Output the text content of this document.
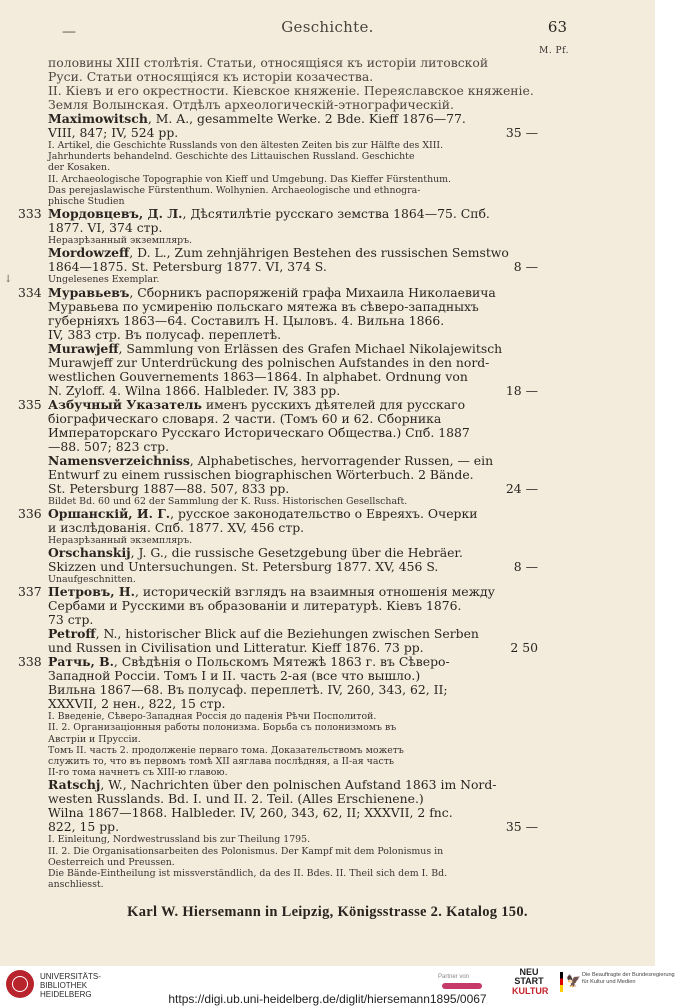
—	Geschichte.	63
M. Pf.
половины XIII столѣтія. Статьи, относящіяся къ исторіи литовской
Руси. Статьи относящіяся къ исторіи козачества.
II. Кіевъ и его окрестности. Кіевское княженіе. Переяславское княженіе.
Земля Волынская. Отдѣлъ археологическій-этнографическій.
Maximowitsch, M. A., gesammelte Werke. 2 Bde. Kieff 1876—77.
VIII, 847; IV, 524 pp.	35 —
I. Artikel, die Geschichte Russlands von den ältesten Zeiten bis zur Hälfte des XIII.
Jahrhunderts behandelnd. Geschichte des Littauischen Russland. Geschichte
der Kosaken.
II. Archaeologische Topographie von Kieff und Umgebung. Das Kieffer Fürstenthum.
Das perejaslawische Fürstenthum. Wolhynien. Archaeologische und ethnogra-
phische Studien
333 Мордовцевъ, Д. Л., Дѣсятилѣтіе русскаго земства 1864—75. Спб.
1877. VI, 374 стр.
Неразрѣзанный экземпляръ.
Mordowzeff, D. L., Zum zehnjährigen Bestehen des russischen Semstwo
1864—1875. St. Petersburg 1877. VI, 374 S.	8 —
↓	Ungelesenes Exemplar.
334 Муравьевъ, Сборникъ распоряженій графа Михаила Николаевича
Муравьева по усмиренію польскаго мятежа въ сѣверо-западныхъ
губерніяхъ 1863—64. Составилъ Н. Цыловъ. 4. Вильна 1866.
IV, 383 стр. Въ полусаф. переплетѣ.
Murawjeff, Sammlung von Erlässen des Grafen Michael Nikolajewitsch
Murawjeff zur Unterdrückung des polnischen Aufstandes in den nord-
westlichen Gouvernements 1863—1864. In alphabet. Ordnung von
N. Zyloff. 4. Wilna 1866. Halbleder. IV, 383 pp.	18 —
335 Азбучный Указатель именъ русскихъ дѣятелей для русскаго
біографическаго словаря. 2 части. (Томъ 60 и 62. Сборника
Императорскаго Русскаго Историческаго Общества.) Спб. 1887
—88. 507; 823 стр.
Namensverzeichniss, Alphabetisches, hervorragender Russen, — ein
Entwurf zu einem russischen biographischen Wörterbuch. 2 Bände.
St. Petersburg 1887—88. 507, 833 pp.	24 —
Bildet Bd. 60 und 62 der Sammlung der K. Russ. Historischen Gesellschaft.
336 Оршанскій, И. Г., русское законодательство о Евреяхъ. Очерки
и изслѣдованія. Спб. 1877. XV, 456 стр.
Неразрѣзанный экземпляръ.
Orschanskij, J. G., die russische Gesetzgebung über die Hebräer.
Skizzen und Untersuchungen. St. Petersburg 1877. XV, 456 S.	8 —
Unaufgeschnitten.
337 Петровъ, Н., историческій взглядъ на взаимныя отношенія между
Сербами и Русскими въ образованіи и литературѣ. Кіевъ 1876.
73 стр.
Petroff, N., historischer Blick auf die Beziehungen zwischen Serben
und Russen in Civilisation und Litteratur. Kieff 1876. 73 pp.	2 50
338 Ратчь, В., Свѣдѣнія о Польскомъ Мятежѣ 1863 г. въ Сѣверо-
Западной Россіи. Томъ I и II. часть 2-ая (все что вышло.)
Вильна 1867—68. Въ полусаф. переплетѣ. IV, 260, 343, 62, II;
XXXVII, 2 нен., 822, 15 стр.
I. Введеніе, Сѣверо-Западная Россія до паденія Рѣчи Посполитой.
II. 2. Организаціонныя работы полонизма. Борьба съ полонизмомъ въ
Австріи и Пруссіи.
Томъ II. часть 2. продолженіе перваго тома. Доказательствомъ можетъ
служить то, что въ первомъ томѣ XII аяглава послѣдняя, а II-ая часть
II-го тома начнетъ съ XIII-ю главою.
Ratschj, W., Nachrichten über den polnischen Aufstand 1863 im Nord-
westen Russlands. Bd. I. und II. 2. Teil. (Alles Erschienene.)
Wilna 1867—1868. Halbleder. IV, 260, 343, 62, II; XXXVII, 2 fnc.
822, 15 pp.	35 —
I. Einleitung, Nordwestrussland bis zur Theilung 1795.
II. 2. Die Organisationsarbeiten des Polonismus. Der Kampf mit dem Polonismus in
Oesterreich und Preussen.
Die Bände-Eintheilung ist missverständlich, da des II. Bdes. II. Theil sich dem I. Bd.
anschliesst.
Karl W. Hiersemann in Leipzig, Königsstrasse 2. Katalog 150.
UNIVERSITÄTS-
BIBLIOTHEK
HEIDELBERG	https://digi.ub.uni-heidelberg.de/diglit/hiersemann1895/0067
Partner von	NEU
START
KULTUR
🦅 Die Beauftragte der Bundesregierung
für Kultur und Medien
